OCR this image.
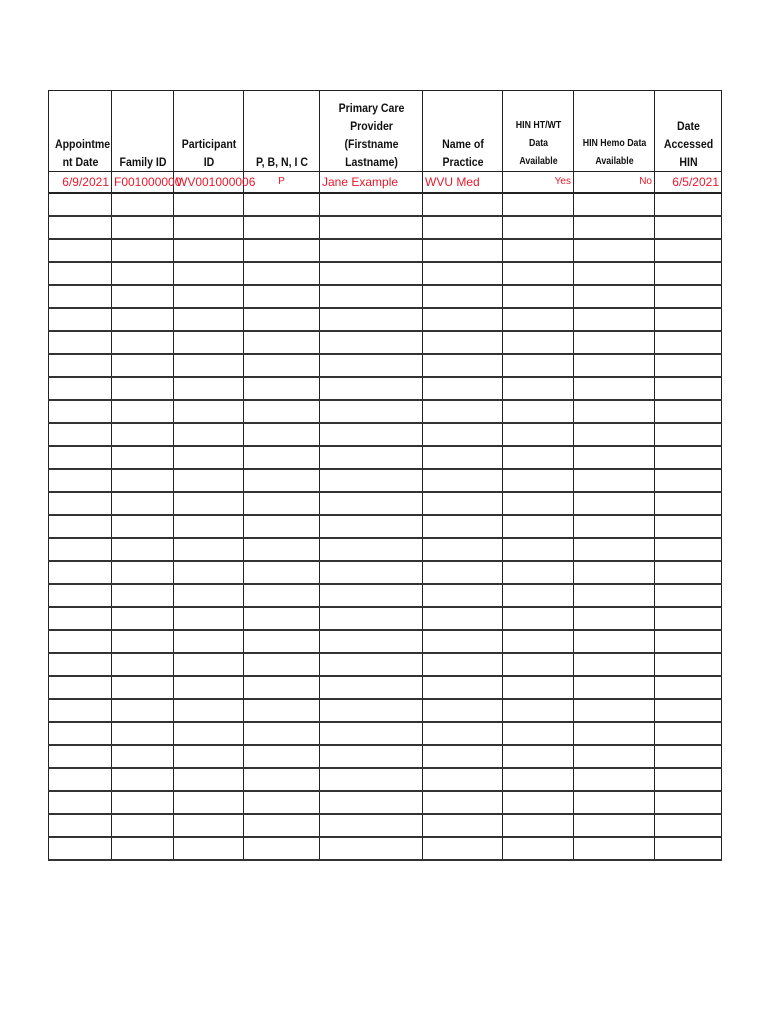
Appointme nt Date	Family ID	Participant ID	P, B, N, I C	Primary Care Provider (Firstname Lastname)	Name of Practice	HIN HT/WT Data Available	HIN Hemo Data Available	Date Accessed HIN
6/9/2021	F001000000	WV001000006	P	Jane Example	WVU Med	Yes	No	6/5/2021
